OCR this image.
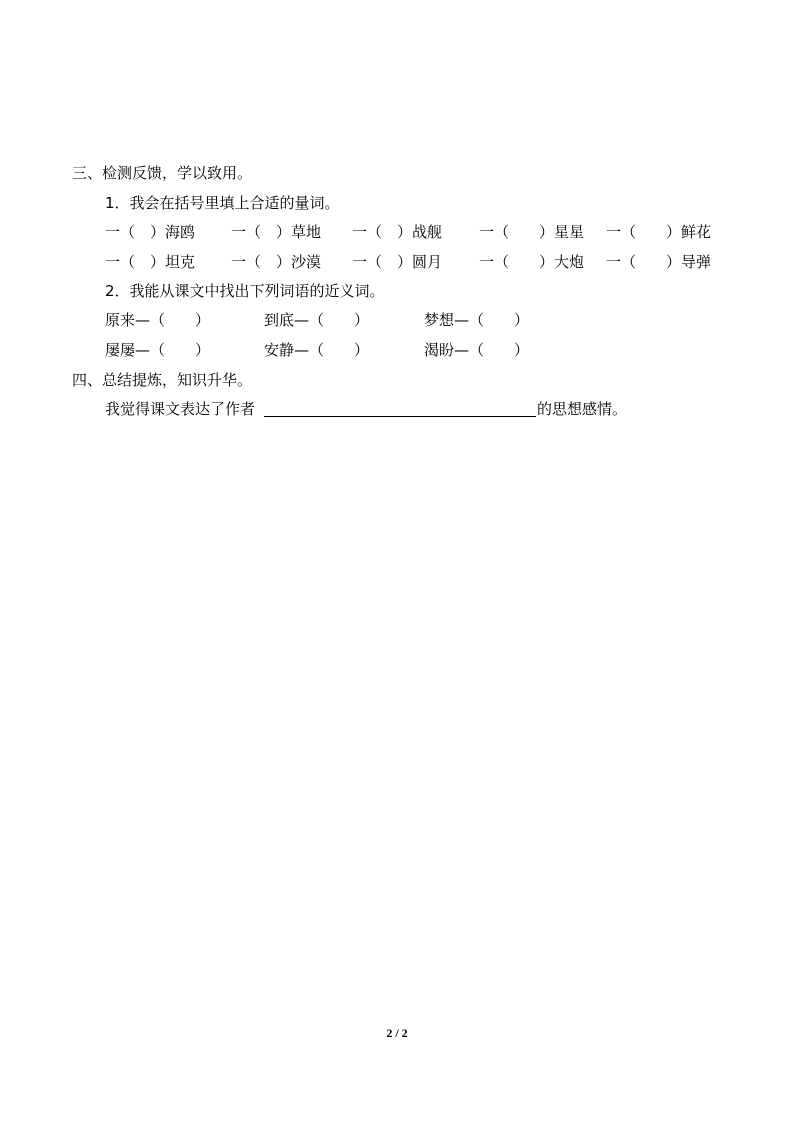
三、检测反馈，学以致用。
1．我会在括号里填上合适的量词。
一（　）海鸥 一（　）草地 一（　）战舰 一（　　）星星 一（　　）鲜花
一（　）坦克 一（　）沙漠 一（　）圆月 一（　　）大炮 一（　　）导弹
2．我能从课文中找出下列词语的近义词。
原来—（　　）	到底—（　　）	梦想—（　　）
屡屡—（　　）	安静—（　　）	渴盼—（　　）
四、总结提炼，知识升华。
我觉得课文表达了作者	的思想感情。
2 / 2
